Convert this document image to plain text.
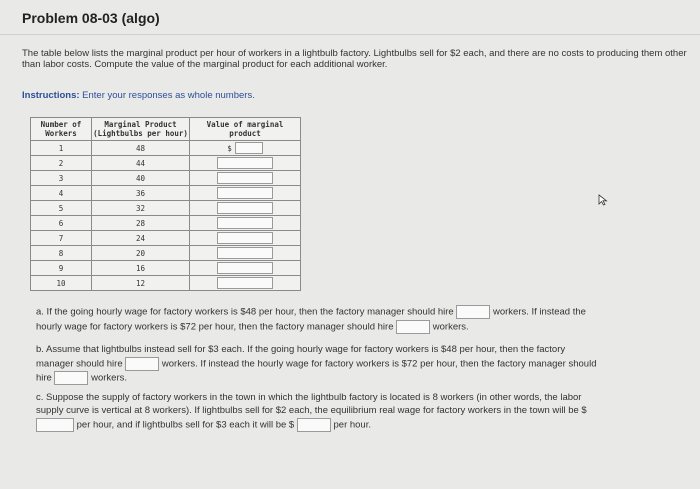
Problem 08-03 (algo)
The table below lists the marginal product per hour of workers in a lightbulb factory. Lightbulbs sell for $2 each, and there are no costs to producing them other than labor costs. Compute the value of the marginal product for each additional worker.
Instructions: Enter your responses as whole numbers.
Number of Workers	Marginal Product (Lightbulbs per hour)	Value of marginal product
1	48	$
2	44	
3	40	
4	36	
5	32	
6	28	
7	24	
8	20	
9	16	
10	12	
a. If the going hourly wage for factory workers is $48 per hour, then the factory manager should hire	workers. If instead the
hourly wage for factory workers is $72 per hour, then the factory manager should hire	workers.
b. Assume that lightbulbs instead sell for $3 each. If the going hourly wage for factory workers is $48 per hour, then the factory
manager should hire	workers. If instead the hourly wage for factory workers is $72 per hour, then the factory manager should
hire	workers.
c. Suppose the supply of factory workers in the town in which the lightbulb factory is located is 8 workers (in other words, the labor
supply curve is vertical at 8 workers). If lightbulbs sell for $2 each, the equilibrium real wage for factory workers in the town will be $
per hour, and if lightbulbs sell for $3 each it will be $	per hour.
